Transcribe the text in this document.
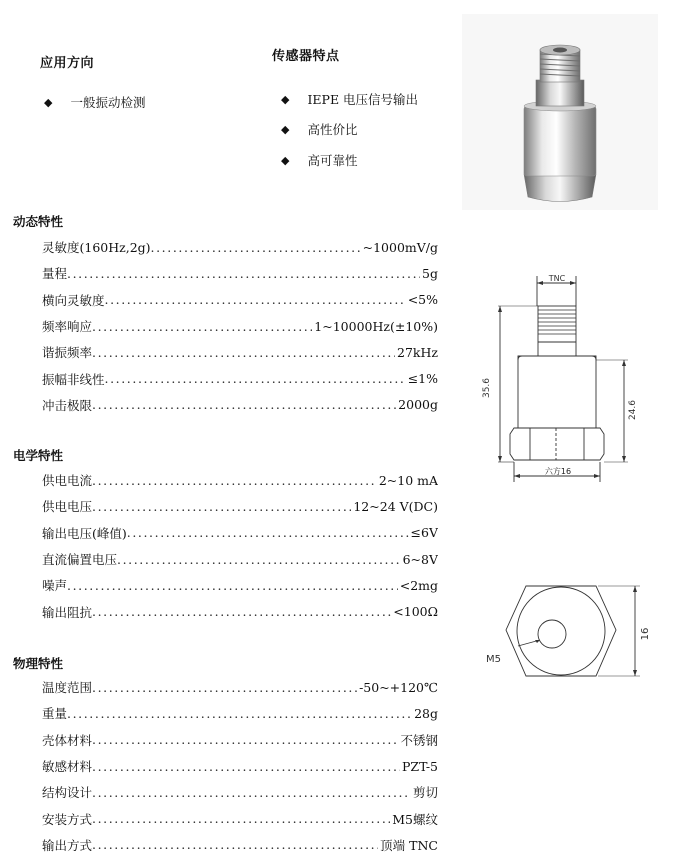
应用方向
◆ 一般振动检测
传感器特点
◆ IEPE 电压信号输出
◆ 高性价比
◆ 高可靠性
动态特性
灵敏度(160Hz,2g) .....	~1000mV/g
量程 .....	5g
横向灵敏度 .....	<5%
频率响应 .....	1~10000Hz(±10%)
谐振频率 .....	27kHz
振幅非线性 .....	≤1%
冲击极限 .....	2000g
电学特性
供电电流 .....	2~10 mA
供电电压 .....	12~24 V(DC)
输出电压(峰值) .....	≤6V
直流偏置电压 .....	6~8V
噪声 .....	<2mg
输出阻抗 .....	<100Ω
物理特性
温度范围 .....	-50~+120℃
重量 .....	28g
壳体材料 .....	不锈钢
敏感材料 .....	PZT-5
结构设计 .....	剪切
安装方式 .....	M5螺纹
输出方式 .....	顶端 TNC
TNC
35.6
24.6
六方16
M5
16
